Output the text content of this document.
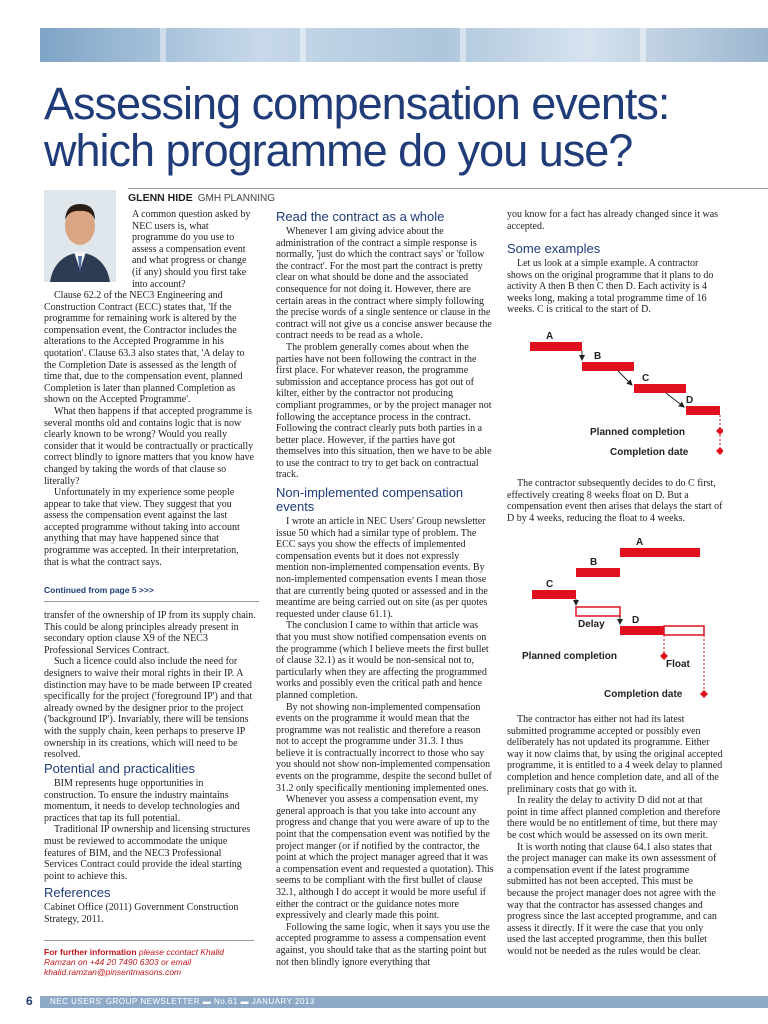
Assessing compensation events:
which programme do you use?
GLENN HIDE GMH PLANNING

A common question asked by NEC users is, what programme do you use to assess a compensation event and what progress or change (if any) should you first take into account?

Clause 62.2 of the NEC3 Engineering and Construction Contract (ECC) states that, 'If the programme for remaining work is altered by the compensation event, the Contractor includes the alterations to the Accepted Programme in his quotation'. Clause 63.3 also states that, 'A delay to the Completion Date is assessed as the length of time that, due to the compensation event, planned Completion is later than planned Completion as shown on the Accepted Programme'.

What then happens if that accepted programme is several months old and contains logic that is now clearly known to be wrong? Would you really consider that it would be contractually or practically correct blindly to ignore matters that you know have changed by taking the words of that clause so literally?

Unfortunately in my experience some people appear to take that view. They suggest that you assess the compensation event against the last accepted programme without taking into account anything that may have happened since that programme was accepted. In their interpretation, that is what the contract says.

Continued from page 5 >>>

transfer of the ownership of IP from its supply chain. This could be along principles already present in secondary option clause X9 of the NEC3 Professional Services Contract.

Such a licence could also include the need for designers to waive their moral rights in their IP. A distinction may have to be made between IP created specifically for the project ('foreground IP') and that already owned by the designer prior to the project ('background IP'). Invariably, there will be tensions with the supply chain, keen perhaps to preserve IP ownership in its creations, which will need to be resolved.

Potential and practicalities

BIM represents huge opportunities in construction. To ensure the industry maintains momentum, it needs to develop technologies and practices that tap its full potential.

Traditional IP ownership and licensing structures must be reviewed to accommodate the unique features of BIM, and the NEC3 Professional Services Contract could provide the ideal starting point to achieve this.

References

Cabinet Office (2011) Government Construction Strategy, 2011.

For further information please ccontact Khalid Ramzan on +44 20 7490 6303 or email khalid.ramzan@pinsentmasons.com
Read the contract as a whole

Whenever I am giving advice about the administration of the contract a simple response is normally, 'just do which the contract says' or 'follow the contract'. For the most part the contract is pretty clear on what should be done and the associated consequence for not doing it. However, there are certain areas in the contract where simply following the precise words of a single sentence or clause in the contract will not give us a concise answer because the contract needs to be read as a whole.

The problem generally comes about when the parties have not been following the contract in the first place. For whatever reason, the programme submission and acceptance process has got out of kilter, either by the contractor not producing compliant programmes, or by the project manager not following the acceptance process in the contract. Following the contract clearly puts both parties in a better place. However, if the parties have got themselves into this situation, then we have to be able to use the contract to try to get back on contractual track.

Non-implemented compensation events

I wrote an article in NEC Users' Group newsletter issue 50 which had a similar type of problem. The ECC says you show the effects of implemented compensation events but it does not expressly mention non-implemented compensation events. By non-implemented compensation events I mean those that are currently being quoted or assessed and in the meantime are being carried out on site (as per quotes requested under clause 61.1).

The conclusion I came to within that article was that you must show notified compensation events on the programme (which I believe meets the first bullet of clause 32.1) as it would be non-sensical not to, particularly when they are affecting the programmed works and possibly even the critical path and hence planned completion.

By not showing non-implemented compensation events on the programme it would mean that the programme was not realistic and therefore a reason not to accept the programme under 31.3. I thus believe it is contractually incorrect to those who say you should not show non-implemented compensation events on the programme, despite the second bullet of 31.2 only specifically mentioning implemented ones.

Whenever you assess a compensation event, my general approach is that you take into account any progress and change that you were aware of up to the point that the compensation event was notified by the project manger (or if notified by the contractor, the point at which the project manager agreed that it was a compensation event and requested a quotation). This seems to be compliant with the first bullet of clause 32.1, although I do accept it would be more useful if either the contract or the guidance notes more expressively and clearly made this point.

Following the same logic, when it says you use the accepted programme to assess a compensation event against, you should take that as the starting point but not then blindly ignore everything that

you know for a fact has already changed since it was accepted.

Some examples

Let us look at a simple example. A contractor shows on the original programme that it plans to do activity A then B then C then D. Each activity is 4 weeks long, making a total programme time of 16 weeks. C is critical to the start of D.

A
B
C
D
Planned completion
Completion date

The contractor subsequently decides to do C first, effectively creating 8 weeks float on D. But a compensation event then arises that delays the start of D by 4 weeks, reducing the float to 4 weeks.

A
B
C
Delay	D
Float
Planned completion
Completion date

The contractor has either not had its latest submitted programme accepted or possibly even deliberately has not updated its programme. Either way it now claims that, by using the original accepted programme, it is entitled to a 4 week delay to planned completion and hence completion date, and all of the preliminary costs that go with it.

In reality the delay to activity D did not at that point in time affect planned completion and therefore there would be no entitlement of time, but there may be cost which would be assessed on its own merit.

It is worth noting that clause 64.1 also states that the project manager can make its own assessment of a compensation event if the latest programme submitted has not been accepted. This must be because the project manager does not agree with the way that the contractor has assessed changes and progress since the last accepted programme, and can assess it directly. If it were the case that you only used the last accepted programme, then this bullet would not be needed as the rules would be clear.

6 NEC USERS' GROUP NEWSLETTER ▬ No.61 ▬ JANUARY 2013
